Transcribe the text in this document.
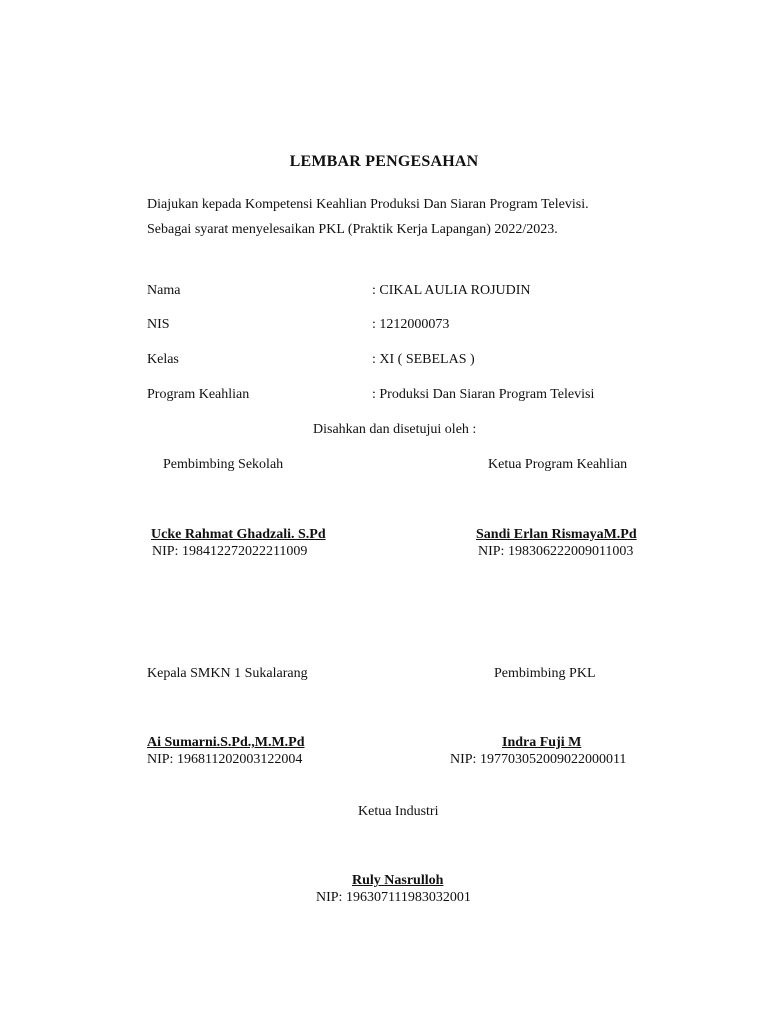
LEMBAR PENGESAHAN
Diajukan kepada Kompetensi Keahlian Produksi Dan Siaran Program Televisi.
Sebagai syarat menyelesaikan PKL (Praktik Kerja Lapangan) 2022/2023.
Nama	: CIKAL AULIA ROJUDIN
NIS	: 1212000073
Kelas	: XI ( SEBELAS )
Program Keahlian	: Produksi Dan Siaran Program Televisi
Disahkan dan disetujui oleh :
Pembimbing Sekolah	Ketua Program Keahlian
Ucke Rahmat Ghadzali. S.Pd
NIP: 198412272022211009
Sandi Erlan RismayaM.Pd
NIP: 198306222009011003
Kepala SMKN 1 Sukalarang	Pembimbing PKL
Ai Sumarni.S.Pd.,M.M.Pd
NIP: 196811202003122004
Indra Fuji M
NIP: 197703052009022000011
Ketua Industri
Ruly Nasrulloh
NIP: 196307111983032001
